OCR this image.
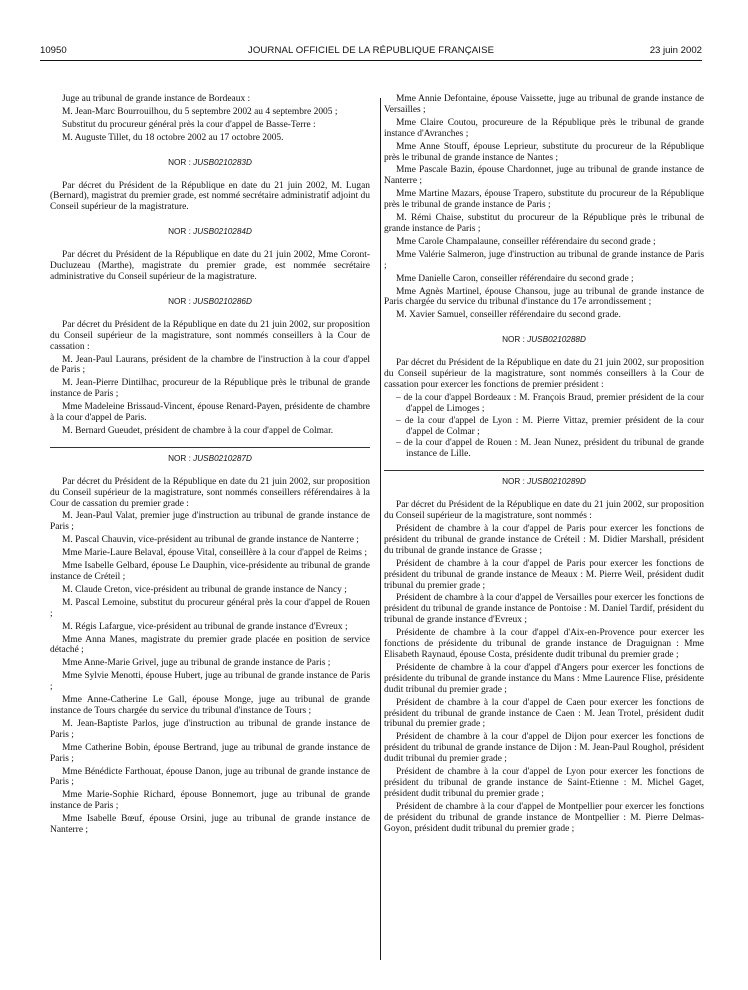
10950	JOURNAL OFFICIEL DE LA RÉPUBLIQUE FRANÇAISE	23 juin 2002

Juge au tribunal de grande instance de Bordeaux :

M. Jean-Marc Bourrouilhou, du 5 septembre 2002 au 4 septembre 2005 ;

Substitut du procureur général près la cour d'appel de Basse-Terre :

M. Auguste Tillet, du 18 octobre 2002 au 17 octobre 2005.

NOR : JUSB0210283D

Par décret du Président de la République en date du 21 juin 2002, M. Lugan (Bernard), magistrat du premier grade, est nommé secrétaire administratif adjoint du Conseil supérieur de la magistrature.

NOR : JUSB0210284D

Par décret du Président de la République en date du 21 juin 2002, Mme Coront-Ducluzeau (Marthe), magistrate du premier grade, est nommée secrétaire administrative du Conseil supérieur de la magistrature.

NOR : JUSB0210286D

Par décret du Président de la République en date du 21 juin 2002, sur proposition du Conseil supérieur de la magistrature, sont nommés conseillers à la Cour de cassation :

M. Jean-Paul Laurans, président de la chambre de l'instruction à la cour d'appel de Paris ;

M. Jean-Pierre Dintilhac, procureur de la République près le tribunal de grande instance de Paris ;

Mme Madeleine Brissaud-Vincent, épouse Renard-Payen, présidente de chambre à la cour d'appel de Paris.

M. Bernard Gueudet, président de chambre à la cour d'appel de Colmar.

NOR : JUSB0210287D

Par décret du Président de la République en date du 21 juin 2002, sur proposition du Conseil supérieur de la magistrature, sont nommés conseillers référendaires à la Cour de cassation du premier grade :

M. Jean-Paul Valat, premier juge d'instruction au tribunal de grande instance de Paris ;

M. Pascal Chauvin, vice-président au tribunal de grande instance de Nanterre ;

Mme Marie-Laure Belaval, épouse Vital, conseillère à la cour d'appel de Reims ;

Mme Isabelle Gelbard, épouse Le Dauphin, vice-présidente au tribunal de grande instance de Créteil ;

M. Claude Creton, vice-président au tribunal de grande instance de Nancy ;

M. Pascal Lemoine, substitut du procureur général près la cour d'appel de Rouen ;

M. Régis Lafargue, vice-président au tribunal de grande instance d'Evreux ;

Mme Anna Manes, magistrate du premier grade placée en position de service détaché ;

Mme Anne-Marie Grivel, juge au tribunal de grande instance de Paris ;

Mme Sylvie Menotti, épouse Hubert, juge au tribunal de grande instance de Paris ;

Mme Anne-Catherine Le Gall, épouse Monge, juge au tribunal de grande instance de Tours chargée du service du tribunal d'instance de Tours ;

M. Jean-Baptiste Parlos, juge d'instruction au tribunal de grande instance de Paris ;

Mme Catherine Bobin, épouse Bertrand, juge au tribunal de grande instance de Paris ;

Mme Bénédicte Farthouat, épouse Danon, juge au tribunal de grande instance de Paris ;

Mme Marie-Sophie Richard, épouse Bonnemort, juge au tribunal de grande instance de Paris ;

Mme Isabelle Bœuf, épouse Orsini, juge au tribunal de grande instance de Nanterre ;

Mme Annie Defontaine, épouse Vaissette, juge au tribunal de grande instance de Versailles ;

Mme Claire Coutou, procureure de la République près le tribunal de grande instance d'Avranches ;

Mme Anne Stouff, épouse Leprieur, substitute du procureur de la République près le tribunal de grande instance de Nantes ;

Mme Pascale Bazin, épouse Chardonnet, juge au tribunal de grande instance de Nanterre ;

Mme Martine Mazars, épouse Trapero, substitute du procureur de la République près le tribunal de grande instance de Paris ;

M. Rémi Chaise, substitut du procureur de la République près le tribunal de grande instance de Paris ;

Mme Carole Champalaune, conseiller référendaire du second grade ;

Mme Valérie Salmeron, juge d'instruction au tribunal de grande instance de Paris ;

Mme Danielle Caron, conseiller référendaire du second grade ;

Mme Agnès Martinel, épouse Chansou, juge au tribunal de grande instance de Paris chargée du service du tribunal d'instance du 17e arrondissement ;

M. Xavier Samuel, conseiller référendaire du second grade.

NOR : JUSB0210288D

Par décret du Président de la République en date du 21 juin 2002, sur proposition du Conseil supérieur de la magistrature, sont nommés conseillers à la Cour de cassation pour exercer les fonctions de premier président :

– de la cour d'appel Bordeaux : M. François Braud, premier président de la cour d'appel de Limoges ;

– de la cour d'appel de Lyon : M. Pierre Vittaz, premier président de la cour d'appel de Colmar ;

– de la cour d'appel de Rouen : M. Jean Nunez, président du tribunal de grande instance de Lille.

NOR : JUSB0210289D

Par décret du Président de la République en date du 21 juin 2002, sur proposition du Conseil supérieur de la magistrature, sont nommés :

Président de chambre à la cour d'appel de Paris pour exercer les fonctions de président du tribunal de grande instance de Créteil : M. Didier Marshall, président du tribunal de grande instance de Grasse ;

Président de chambre à la cour d'appel de Paris pour exercer les fonctions de président du tribunal de grande instance de Meaux : M. Pierre Weil, président dudit tribunal du premier grade ;

Président de chambre à la cour d'appel de Versailles pour exercer les fonctions de président du tribunal de grande instance de Pontoise : M. Daniel Tardif, président du tribunal de grande instance d'Evreux ;

Présidente de chambre à la cour d'appel d'Aix-en-Provence pour exercer les fonctions de présidente du tribunal de grande instance de Draguignan : Mme Elisabeth Raynaud, épouse Costa, présidente dudit tribunal du premier grade ;

Présidente de chambre à la cour d'appel d'Angers pour exercer les fonctions de présidente du tribunal de grande instance du Mans : Mme Laurence Flise, présidente dudit tribunal du premier grade ;

Président de chambre à la cour d'appel de Caen pour exercer les fonctions de président du tribunal de grande instance de Caen : M. Jean Trotel, président dudit tribunal du premier grade ;

Président de chambre à la cour d'appel de Dijon pour exercer les fonctions de président du tribunal de grande instance de Dijon : M. Jean-Paul Roughol, président dudit tribunal du premier grade ;

Président de chambre à la cour d'appel de Lyon pour exercer les fonctions de président du tribunal de grande instance de Saint-Etienne : M. Michel Gaget, président dudit tribunal du premier grade ;

Président de chambre à la cour d'appel de Montpellier pour exercer les fonctions de président du tribunal de grande instance de Montpellier : M. Pierre Delmas-Goyon, président dudit tribunal du premier grade ;
